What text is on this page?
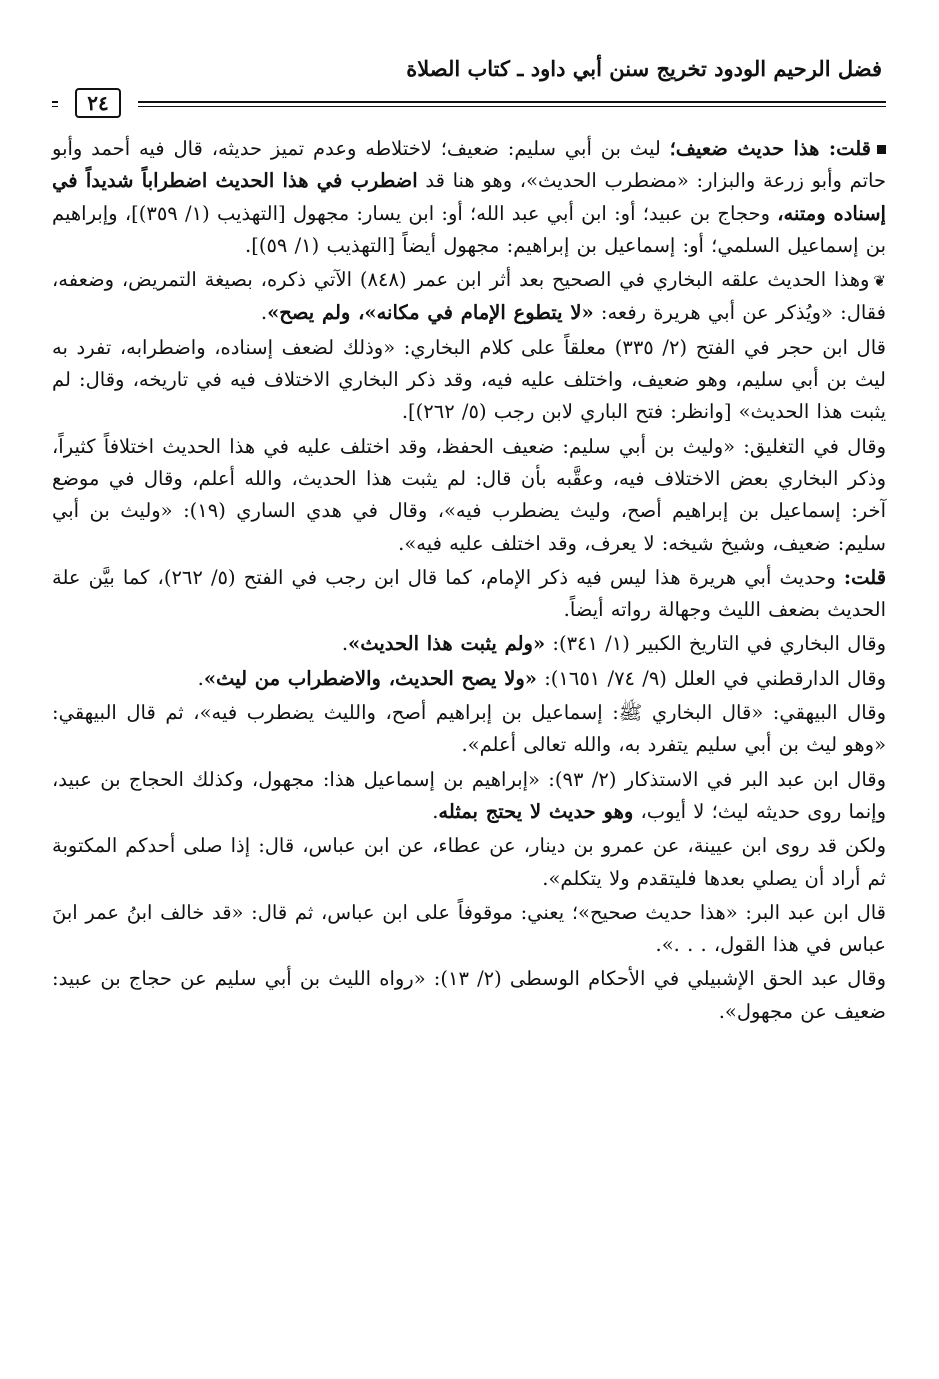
فضل الرحيم الودود تخريج سنن أبي داود ـ كتاب الصلاة
٢٤

قلت: هذا حديث ضعيف؛ ليث بن أبي سليم: ضعيف؛ لاختلاطه وعدم تميز حديثه، قال فيه أحمد وأبو حاتم وأبو زرعة والبزار: «مضطرب الحديث»، وهو هنا قد اضطرب في هذا الحديث اضطراباً شديداً في إسناده ومتنه، وحجاج بن عبيد؛ أو: ابن أبي عبد الله؛ أو: ابن يسار: مجهول [التهذيب (١/ ٣٥٩)]، وإبراهيم بن إسماعيل السلمي؛ أو: إسماعيل بن إبراهيم: مجهول أيضاً [التهذيب (١/ ٥٩)].

❦وهذا الحديث علقه البخاري في الصحيح بعد أثر ابن عمر (٨٤٨) الآتي ذكره، بصيغة التمريض، وضعفه، فقال: «ويُذكر عن أبي هريرة رفعه: «لا يتطوع الإمام في مكانه»، ولم يصح».

قال ابن حجر في الفتح (٢/ ٣٣٥) معلقاً على كلام البخاري: «وذلك لضعف إسناده، واضطرابه، تفرد به ليث بن أبي سليم، وهو ضعيف، واختلف عليه فيه، وقد ذكر البخاري الاختلاف فيه في تاريخه، وقال: لم يثبت هذا الحديث» [وانظر: فتح الباري لابن رجب (٥/ ٢٦٢)].

وقال في التغليق: «وليث بن أبي سليم: ضعيف الحفظ، وقد اختلف عليه في هذا الحديث اختلافاً كثيراً، وذكر البخاري بعض الاختلاف فيه، وعقَّبه بأن قال: لم يثبت هذا الحديث، والله أعلم، وقال في موضع آخر: إسماعيل بن إبراهيم أصح، وليث يضطرب فيه»، وقال في هدي الساري (١٩): «وليث بن أبي سليم: ضعيف، وشيخ شيخه: لا يعرف، وقد اختلف عليه فيه».

قلت: وحديث أبي هريرة هذا ليس فيه ذكر الإمام، كما قال ابن رجب في الفتح (٥/ ٢٦٢)، كما بيَّن علة الحديث بضعف الليث وجهالة رواته أيضاً.

وقال البخاري في التاريخ الكبير (١/ ٣٤١): «ولم يثبت هذا الحديث».

وقال الدارقطني في العلل (٩/ ٧٤/ ١٦٥١): «ولا يصح الحديث، والاضطراب من ليث».

وقال البيهقي: «قال البخاري ﷺ: إسماعيل بن إبراهيم أصح، والليث يضطرب فيه»، ثم قال البيهقي: «وهو ليث بن أبي سليم يتفرد به، والله تعالى أعلم».

وقال ابن عبد البر في الاستذكار (٢/ ٩٣): «إبراهيم بن إسماعيل هذا: مجهول، وكذلك الحجاج بن عبيد، وإنما روى حديثه ليث؛ لا أيوب، وهو حديث لا يحتج بمثله.

ولكن قد روى ابن عيينة، عن عمرو بن دينار، عن عطاء، عن ابن عباس، قال: إذا صلى أحدكم المكتوبة ثم أراد أن يصلي بعدها فليتقدم ولا يتكلم».

قال ابن عبد البر: «هذا حديث صحيح»؛ يعني: موقوفاً على ابن عباس، ثم قال: «قد خالف ابنُ عمر ابنَ عباس في هذا القول، . . .».

وقال عبد الحق الإشبيلي في الأحكام الوسطى (٢/ ١٣): «رواه الليث بن أبي سليم عن حجاج بن عبيد: ضعيف عن مجهول».
